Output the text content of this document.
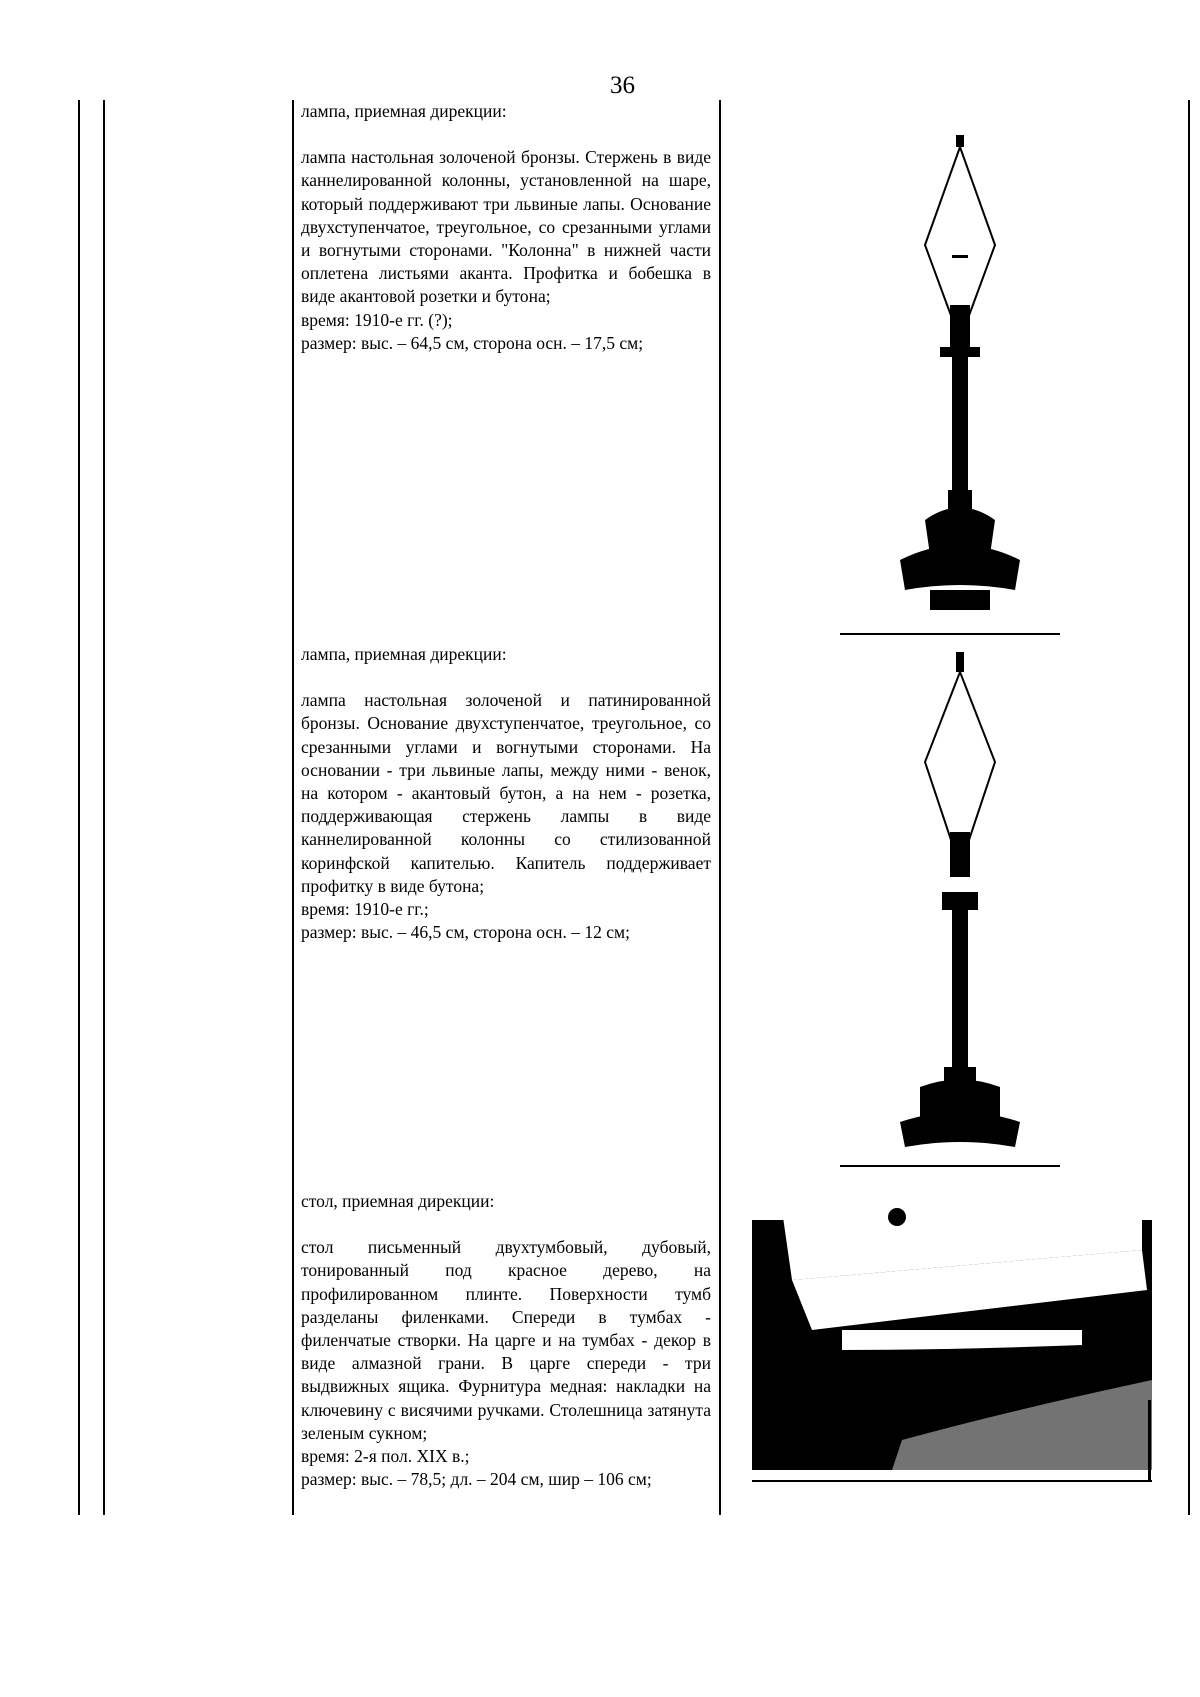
36

лампа, приемная дирекции:

лампа настольная золоченой бронзы. Стержень в виде каннелированной колонны, установленной на шаре, который поддерживают три львиные лапы. Основание двухступенчатое, треугольное, со срезанными углами и вогнутыми сторонами. "Колонна" в нижней части оплетена листьями аканта. Профитка и бобешка в виде акантовой розетки и бутона;

время: 1910-е гг. (?);

размер: выс. – 64,5 см, сторона осн. – 17,5 см;

лампа, приемная дирекции:

лампа настольная золоченой и патинированной бронзы. Основание двухступенчатое, треугольное, со срезанными углами и вогнутыми сторонами. На основании - три львиные лапы, между ними - венок, на котором - акантовый бутон, а на нем - розетка, поддерживающая стержень лампы в виде каннелированной колонны со стилизованной коринфской капителью. Капитель поддерживает профитку в виде бутона;

время: 1910-е гг.;

размер: выс. – 46,5 см, сторона осн. – 12 см;

стол, приемная дирекции:

стол письменный двухтумбовый, дубовый, тонированный под красное дерево, на профилированном плинте. Поверхности тумб разделаны филенками. Спереди в тумбах - филенчатые створки. На царге и на тумбах - декор в виде алмазной грани. В царге спереди - три выдвижных ящика. Фурнитура медная: накладки на ключевину с висячими ручками. Столешница затянута зеленым сукном;

время: 2-я пол. XIX в.;

размер: выс. – 78,5; дл. – 204 см, шир – 106 см;
